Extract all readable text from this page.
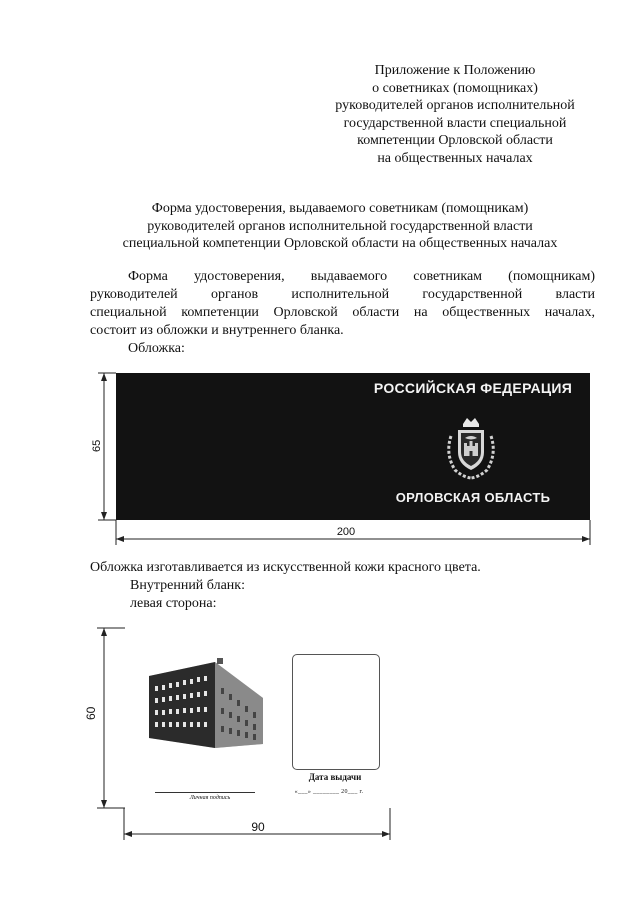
Приложение к Положению
о советниках (помощниках)
руководителей органов исполнительной
государственной власти специальной
компетенции Орловской области
на общественных началах
Форма удостоверения, выдаваемого советникам (помощникам)
руководителей органов исполнительной государственной власти
специальной компетенции Орловской области на общественных началах
Форма удостоверения, выдаваемого советникам (помощникам)
руководителей органов исполнительной государственной власти
специальной компетенции Орловской области на общественных началах,
состоит из обложки и внутреннего бланка.
Обложка:
65
200
РОССИЙСКАЯ ФЕДЕРАЦИЯ
ОРЛОВСКАЯ ОБЛАСТЬ
Обложка изготавливается из искусственной кожи красного цвета.
Внутренний бланк:
левая сторона:
60
90
Дата выдачи
Личная подпись
«___» ________ 20___ г.
